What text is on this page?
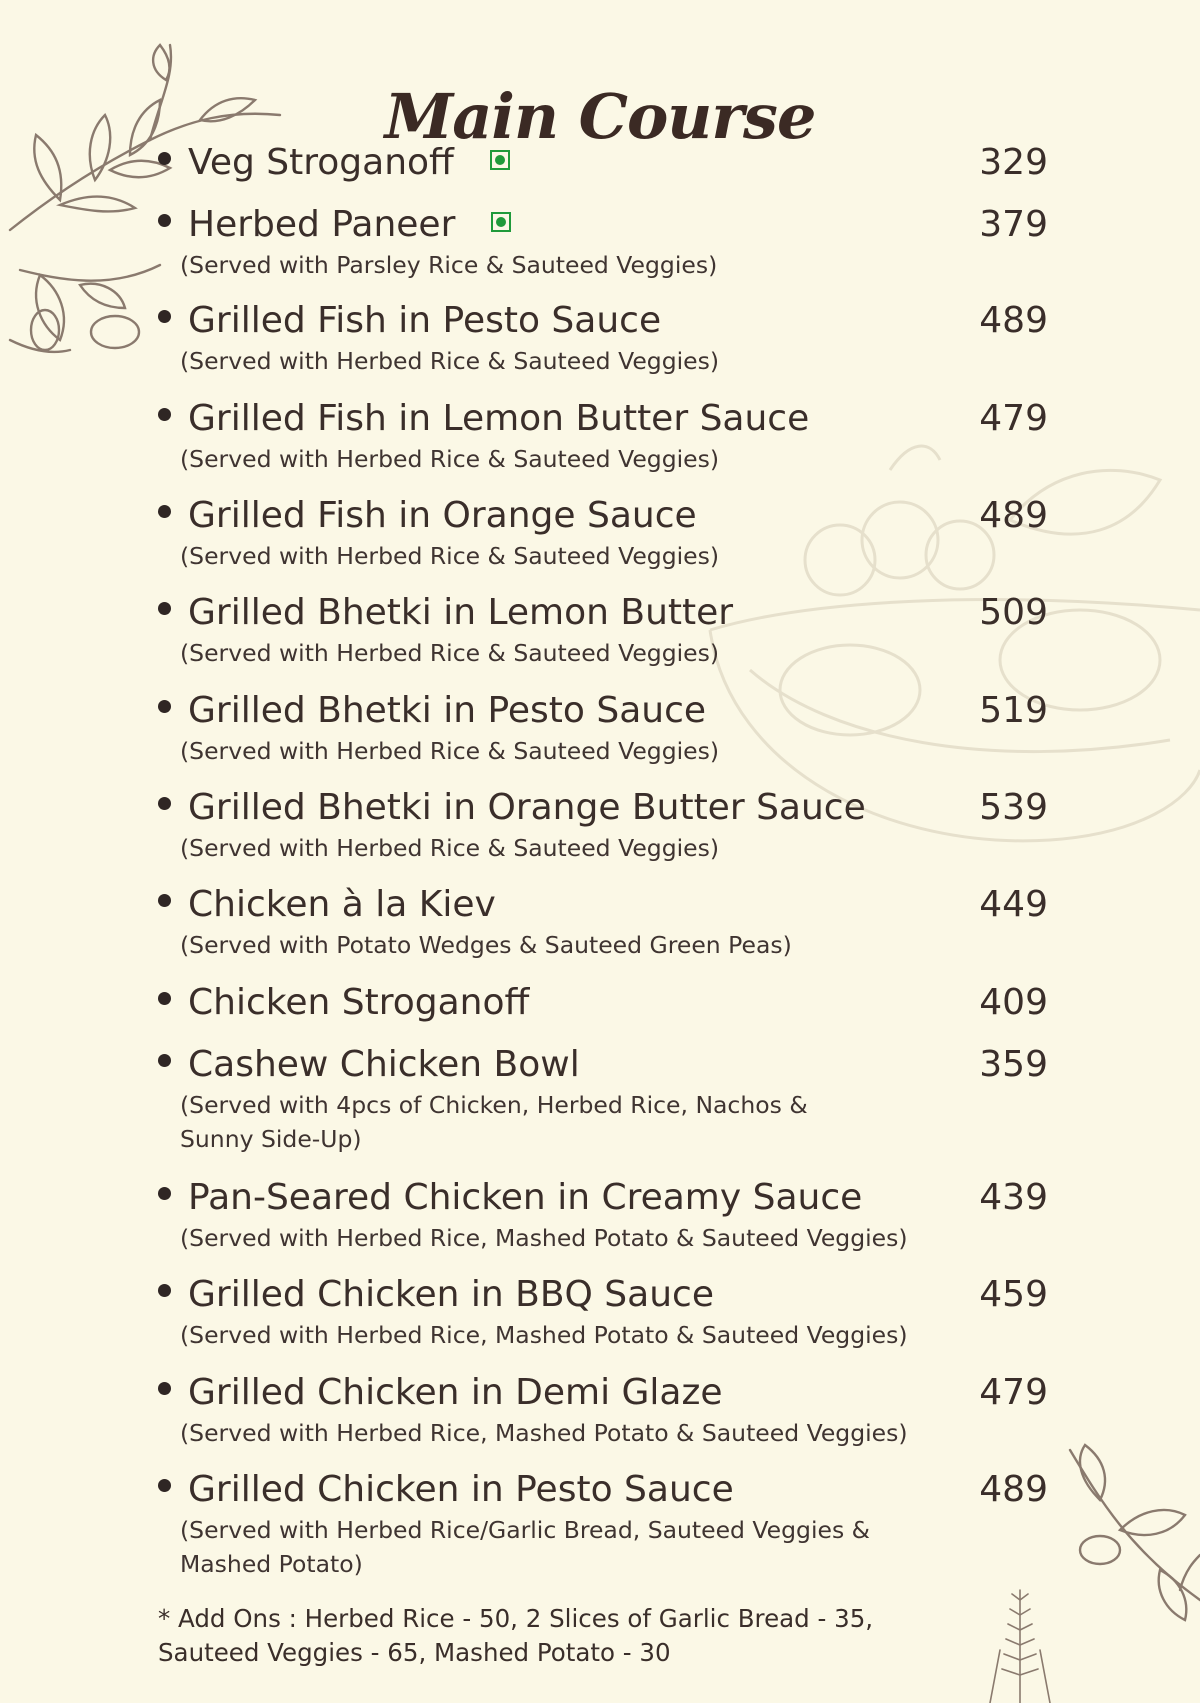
Main Course
Veg Stroganoff	329
Herbed Paneer	379
(Served with Parsley Rice & Sauteed Veggies)
Grilled Fish in Pesto Sauce	489
(Served with Herbed Rice & Sauteed Veggies)
Grilled Fish in Lemon Butter Sauce	479
(Served with Herbed Rice & Sauteed Veggies)
Grilled Fish in Orange Sauce	489
(Served with Herbed Rice & Sauteed Veggies)
Grilled Bhetki in Lemon Butter	509
(Served with Herbed Rice & Sauteed Veggies)
Grilled Bhetki in Pesto Sauce	519
(Served with Herbed Rice & Sauteed Veggies)
Grilled Bhetki in Orange Butter Sauce	539
(Served with Herbed Rice & Sauteed Veggies)
Chicken à la Kiev	449
(Served with Potato Wedges & Sauteed Green Peas)
Chicken Stroganoff	409
Cashew Chicken Bowl	359
(Served with 4pcs of Chicken, Herbed Rice, Nachos &
Sunny Side-Up)
Pan-Seared Chicken in Creamy Sauce	439
(Served with Herbed Rice, Mashed Potato & Sauteed Veggies)
Grilled Chicken in BBQ Sauce	459
(Served with Herbed Rice, Mashed Potato & Sauteed Veggies)
Grilled Chicken in Demi Glaze	479
(Served with Herbed Rice, Mashed Potato & Sauteed Veggies)
Grilled Chicken in Pesto Sauce	489
(Served with Herbed Rice/Garlic Bread, Sauteed Veggies &
Mashed Potato)
* Add Ons : Herbed Rice - 50, 2 Slices of Garlic Bread - 35,
Sauteed Veggies - 65, Mashed Potato - 30
